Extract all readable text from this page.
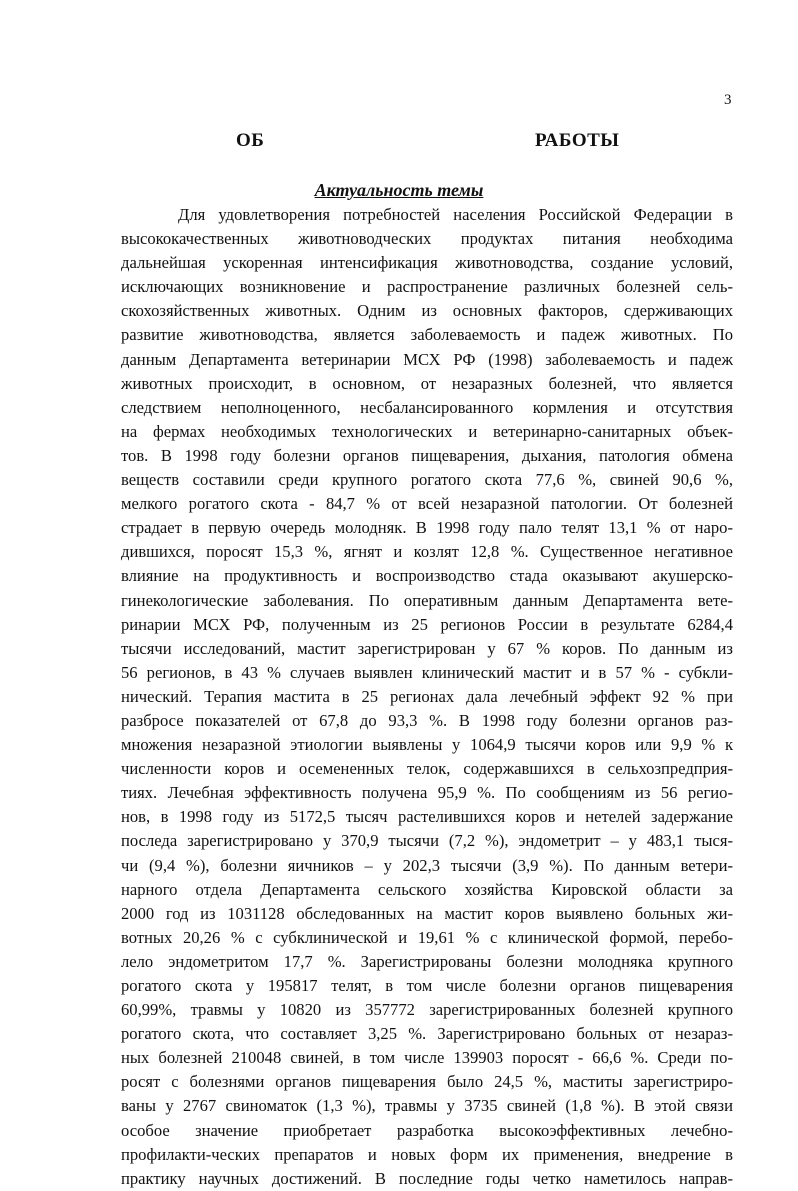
3
ОБ	РАБОТЫ
Актуальность темы
Для удовлетворения потребностей населения Российской Федерации в
высококачественных животноводческих продуктах питания необходима
дальнейшая ускоренная интенсификация животноводства, создание условий,
исключающих возникновение и распространение различных болезней сель-
скохозяйственных животных. Одним из основных факторов, сдерживающих
развитие животноводства, является заболеваемость и падеж животных. По
данным Департамента ветеринарии МСХ РФ (1998) заболеваемость и падеж
животных происходит, в основном, от незаразных болезней, что является
следствием неполноценного, несбалансированного кормления и отсутствия
на фермах необходимых технологических и ветеринарно-санитарных объек-
тов. В 1998 году болезни органов пищеварения, дыхания, патология обмена
веществ составили среди крупного рогатого скота 77,6 %, свиней 90,6 %,
мелкого рогатого скота - 84,7 % от всей незаразной патологии. От болезней
страдает в первую очередь молодняк. В 1998 году пало телят 13,1 % от наро-
дившихся, поросят 15,3 %, ягнят и козлят 12,8 %. Существенное негативное
влияние на продуктивность и воспроизводство стада оказывают акушерско-
гинекологические заболевания. По оперативным данным Департамента вете-
ринарии МСХ РФ, полученным из 25 регионов России в результате 6284,4
тысячи исследований, мастит зарегистрирован у 67 % коров. По данным из
56 регионов, в 43 % случаев выявлен клинический мастит и в 57 % - субкли-
нический. Терапия мастита в 25 регионах дала лечебный эффект 92 % при
разбросе показателей от 67,8 до 93,3 %. В 1998 году болезни органов раз-
множения незаразной этиологии выявлены у 1064,9 тысячи коров или 9,9 % к
численности коров и осемененных телок, содержавшихся в сельхозпредприя-
тиях. Лечебная эффективность получена 95,9 %. По сообщениям из 56 регио-
нов, в 1998 году из 5172,5 тысяч растелившихся коров и нетелей задержание
последа зарегистрировано у 370,9 тысячи (7,2 %), эндометрит – у 483,1 тыся-
чи (9,4 %), болезни яичников – у 202,3 тысячи (3,9 %). По данным ветери-
нарного отдела Департамента сельского хозяйства Кировской области за
2000 год из 1031128 обследованных на мастит коров выявлено больных жи-
вотных 20,26 % с субклинической и 19,61 % с клинической формой, перебо-
лело эндометритом 17,7 %. Зарегистрированы болезни молодняка крупного
рогатого скота у 195817 телят, в том числе болезни органов пищеварения
60,99%, травмы у 10820 из 357772 зарегистрированных болезней крупного
рогатого скота, что составляет 3,25 %. Зарегистрировано больных от незараз-
ных болезней 210048 свиней, в том числе 139903 поросят - 66,6 %. Среди по-
росят с болезнями органов пищеварения было 24,5 %, маститы зарегистриро-
ваны у 2767 свиноматок (1,3 %), травмы у 3735 свиней (1,8 %). В этой связи
особое значение приобретает разработка высокоэффективных лечебно-
профилакти-ческих препаратов и новых форм их применения, внедрение в
практику научных достижений. В последние годы четко наметилось направ-
